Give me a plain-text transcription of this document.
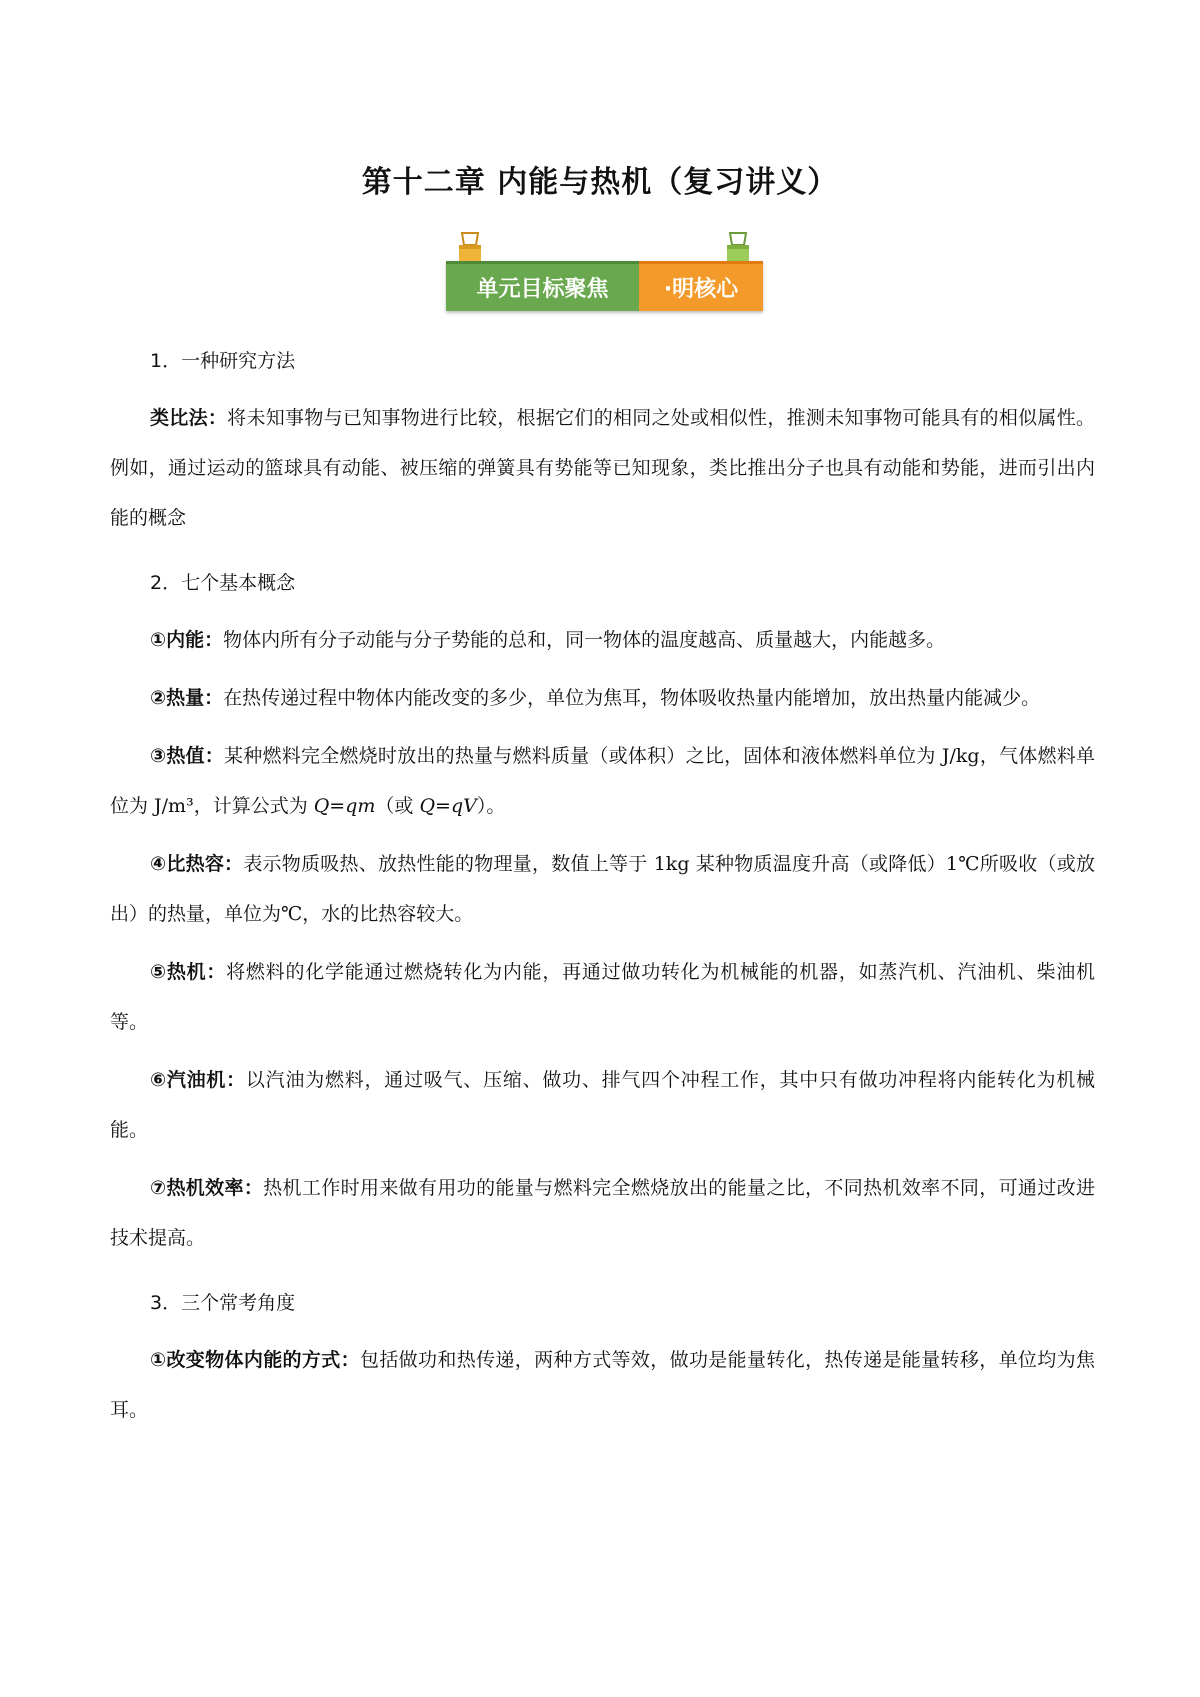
第十二章 内能与热机（复习讲义）
单元目标聚焦	·明核心

1．一种研究方法

类比法：将未知事物与已知事物进行比较，根据它们的相同之处或相似性，推测未知事物可能具有的相似属性。例如，通过运动的篮球具有动能、被压缩的弹簧具有势能等已知现象，类比推出分子也具有动能和势能，进而引出内能的概念

2．七个基本概念

①内能：物体内所有分子动能与分子势能的总和，同一物体的温度越高、质量越大，内能越多。

②热量：在热传递过程中物体内能改变的多少，单位为焦耳，物体吸收热量内能增加，放出热量内能减少。

③热值：某种燃料完全燃烧时放出的热量与燃料质量（或体积）之比，固体和液体燃料单位为 J/kg，气体燃料单位为 J/m³，计算公式为 Q=qm（或 Q=qV）。

④比热容：表示物质吸热、放热性能的物理量，数值上等于 1kg 某种物质温度升高（或降低）1℃所吸收（或放出）的热量，单位为℃，水的比热容较大。

⑤热机：将燃料的化学能通过燃烧转化为内能，再通过做功转化为机械能的机器，如蒸汽机、汽油机、柴油机等。

⑥汽油机：以汽油为燃料，通过吸气、压缩、做功、排气四个冲程工作，其中只有做功冲程将内能转化为机械能。

⑦热机效率：热机工作时用来做有用功的能量与燃料完全燃烧放出的能量之比，不同热机效率不同，可通过改进技术提高。

3．三个常考角度

①改变物体内能的方式：包括做功和热传递，两种方式等效，做功是能量转化，热传递是能量转移，单位均为焦耳。
